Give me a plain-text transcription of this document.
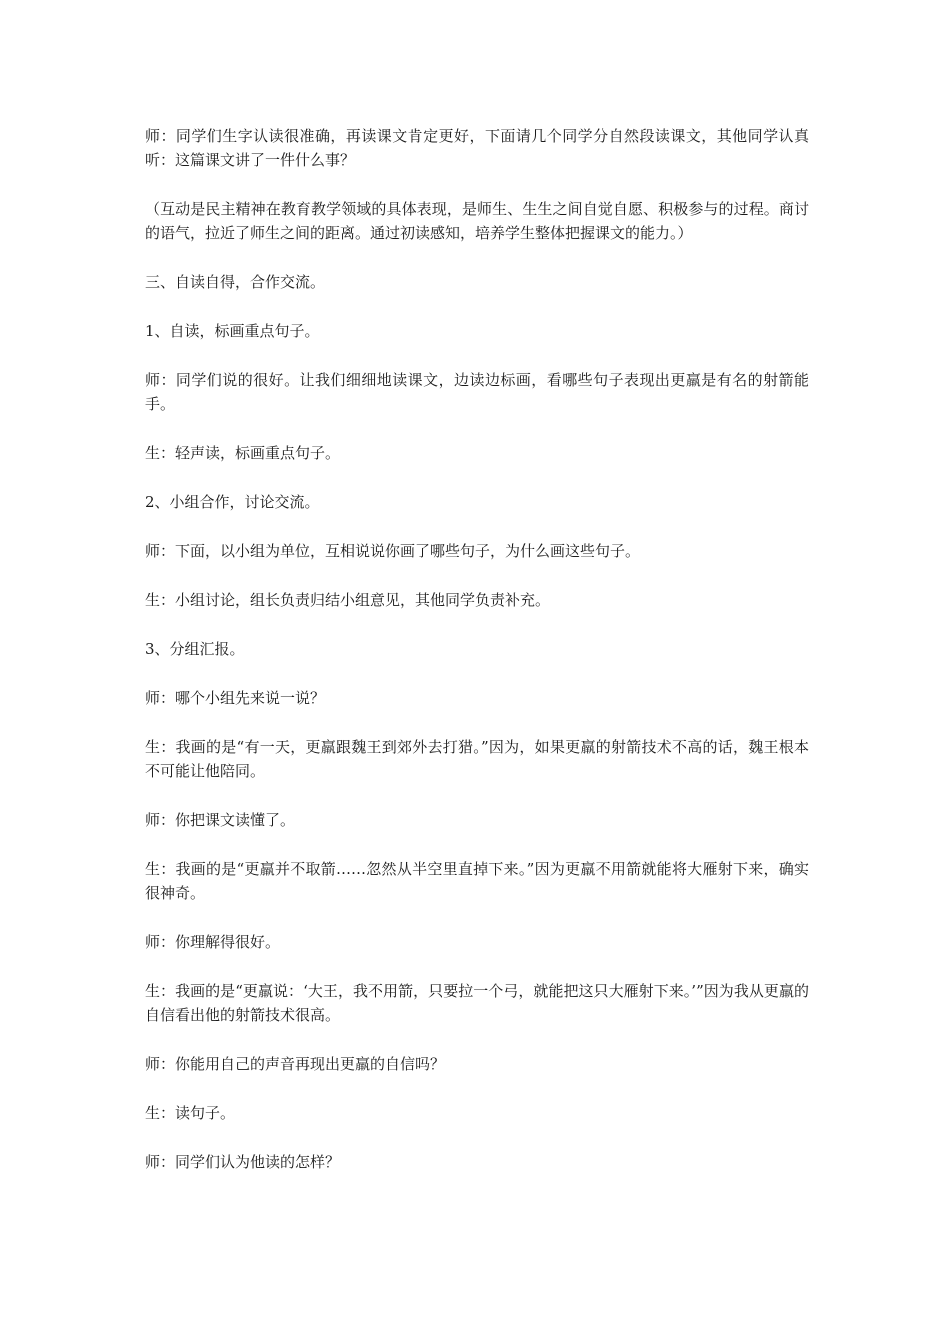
师：同学们生字认读很准确，再读课文肯定更好，下面请几个同学分自然段读课文，其他同学认真听：这篇课文讲了一件什么事？

（互动是民主精神在教育教学领域的具体表现，是师生、生生之间自觉自愿、积极参与的过程。商讨的语气，拉近了师生之间的距离。通过初读感知，培养学生整体把握课文的能力。）

三、自读自得，合作交流。

1、自读，标画重点句子。

师：同学们说的很好。让我们细细地读课文，边读边标画，看哪些句子表现出更羸是有名的射箭能手。

生：轻声读，标画重点句子。

2、小组合作，讨论交流。

师：下面，以小组为单位，互相说说你画了哪些句子，为什么画这些句子。

生：小组讨论，组长负责归结小组意见，其他同学负责补充。

3、分组汇报。

师：哪个小组先来说一说？

生：我画的是“有一天，更羸跟魏王到郊外去打猎。”因为，如果更羸的射箭技术不高的话，魏王根本不可能让他陪同。

师：你把课文读懂了。

生：我画的是“更羸并不取箭……忽然从半空里直掉下来。”因为更羸不用箭就能将大雁射下来，确实很神奇。

师：你理解得很好。

生：我画的是“更羸说：‘大王，我不用箭，只要拉一个弓，就能把这只大雁射下来。’”因为我从更羸的自信看出他的射箭技术很高。

师：你能用自己的声音再现出更羸的自信吗？

生：读句子。

师：同学们认为他读的怎样？
